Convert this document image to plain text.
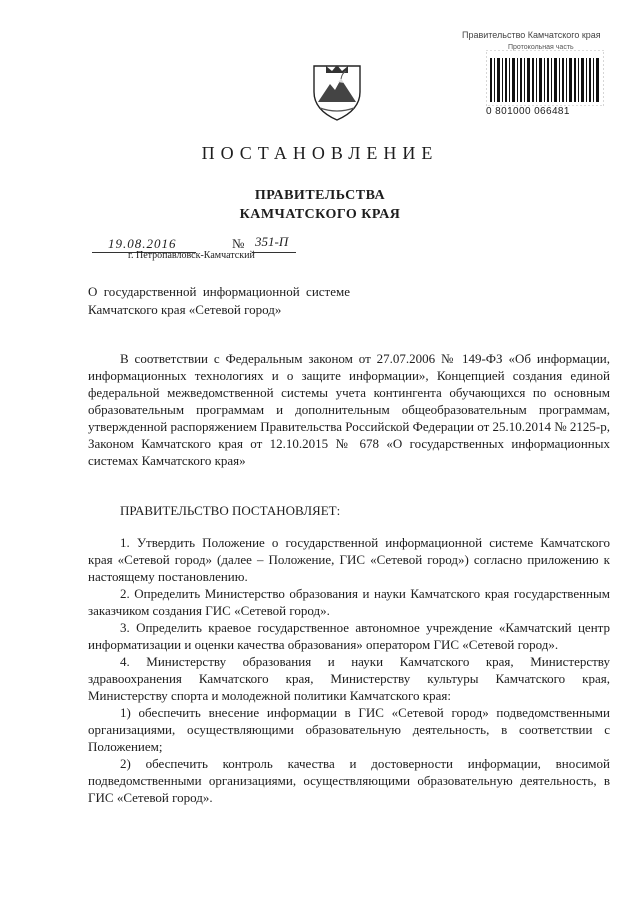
Правительство Камчатского края
Протокольная часть
0 801000 066481
ПОСТАНОВЛЕНИЕ
ПРАВИТЕЛЬСТВА
КАМЧАТСКОГО КРАЯ
19.08.2016	№ 351-П
г. Петропавловск-Камчатский
О государственной информационной системе Камчатского края «Сетевой город»
В соответствии с Федеральным законом от 27.07.2006 № 149-ФЗ «Об информации, информационных технологиях и о защите информации», Концепцией создания единой федеральной межведомственной системы учета контингента обучающихся по основным образовательным программам и дополнительным общеобразовательным программам, утвержденной распоряжением Правительства Российской Федерации от 25.10.2014 № 2125-р, Законом Камчатского края от 12.10.2015 № 678 «О государственных информационных системах Камчатского края»
ПРАВИТЕЛЬСТВО ПОСТАНОВЛЯЕТ:

1. Утвердить Положение о государственной информационной системе Камчатского края «Сетевой город» (далее – Положение, ГИС «Сетевой город») согласно приложению к настоящему постановлению.

2. Определить Министерство образования и науки Камчатского края государственным заказчиком создания ГИС «Сетевой город».

3. Определить краевое государственное автономное учреждение «Камчатский центр информатизации и оценки качества образования» оператором ГИС «Сетевой город».

4. Министерству образования и науки Камчатского края, Министерству здравоохранения Камчатского края, Министерству культуры Камчатского края, Министерству спорта и молодежной политики Камчатского края:

1) обеспечить внесение информации в ГИС «Сетевой город» подведомственными организациями, осуществляющими образовательную деятельность, в соответствии с Положением;

2) обеспечить контроль качества и достоверности информации, вносимой подведомственными организациями, осуществляющими образовательную деятельность, в ГИС «Сетевой город».
